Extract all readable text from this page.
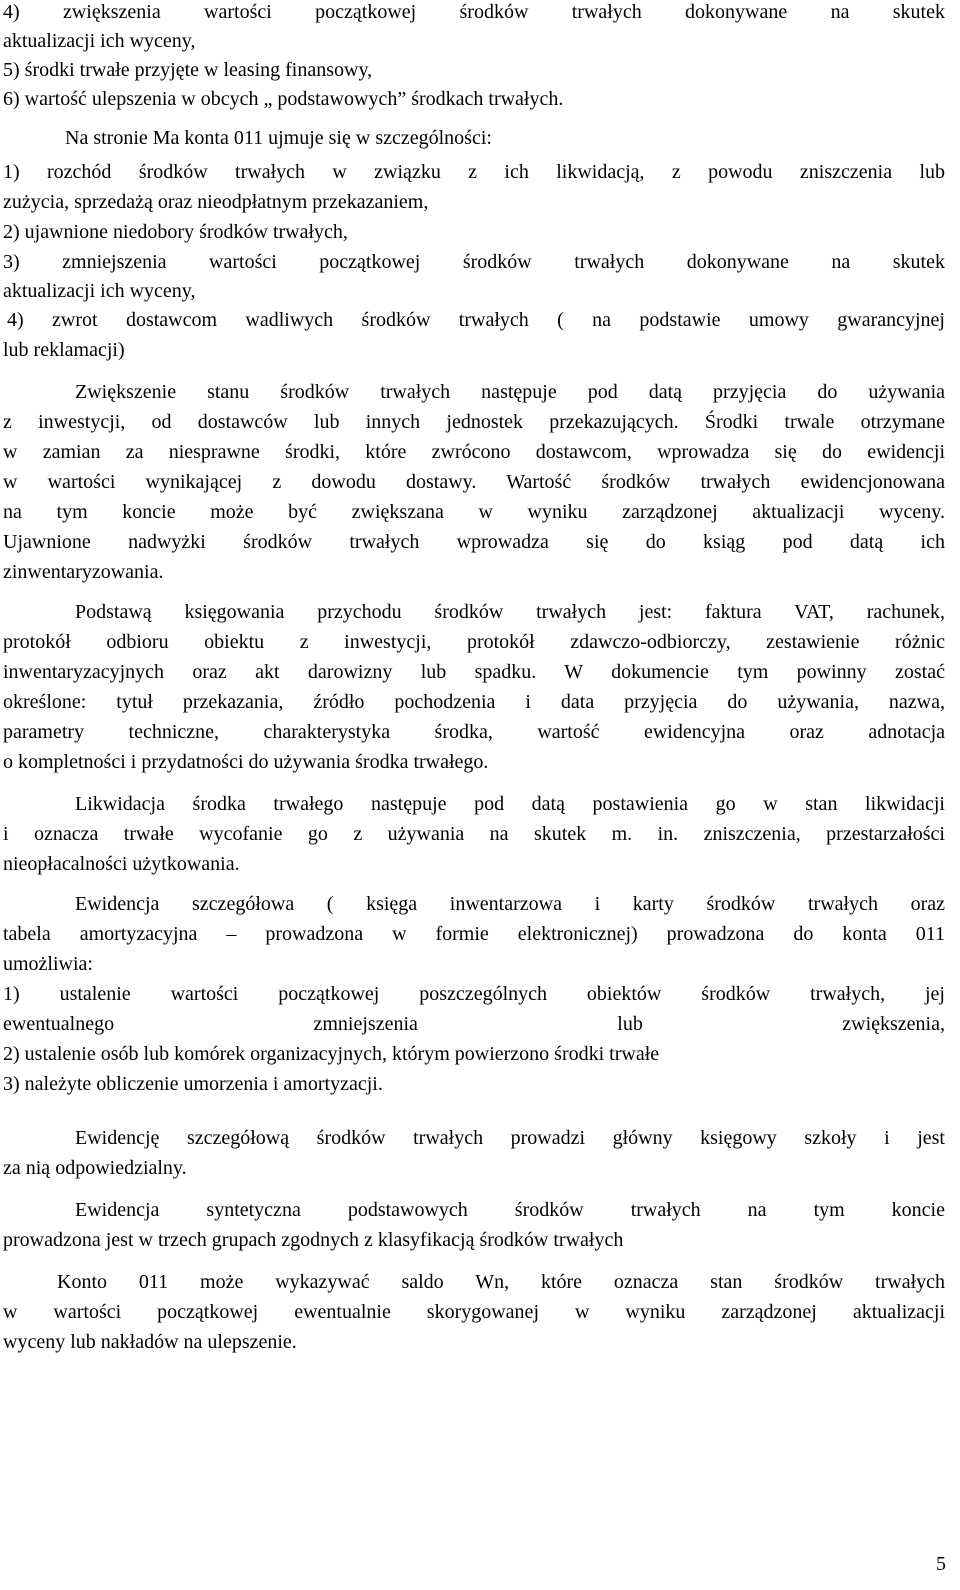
4) zwiększenia wartości początkowej środków trwałych dokonywane na skutek

aktualizacji ich wyceny,

5) środki trwałe przyjęte w leasing finansowy,

6) wartość ulepszenia w obcych „ podstawowych” środkach trwałych.

Na stronie Ma konta 011 ujmuje się w szczególności:

1) rozchód środków trwałych w związku z ich likwidacją, z powodu zniszczenia lub

zużycia, sprzedażą oraz nieodpłatnym przekazaniem,

2) ujawnione niedobory środków trwałych,

3) zmniejszenia wartości początkowej środków trwałych dokonywane na skutek

aktualizacji ich wyceny,

4) zwrot dostawcom wadliwych środków trwałych ( na podstawie umowy gwarancyjnej

lub reklamacji)

Zwiększenie stanu środków trwałych następuje pod datą przyjęcia do używania

z inwestycji, od dostawców lub innych jednostek przekazujących. Środki trwale otrzymane

w zamian za niesprawne środki, które zwrócono dostawcom, wprowadza się do ewidencji

w wartości wynikającej z dowodu dostawy. Wartość środków trwałych ewidencjonowana

na tym koncie może być zwiększana w wyniku zarządzonej aktualizacji wyceny.

Ujawnione nadwyżki środków trwałych wprowadza się do ksiąg pod datą ich

zinwentaryzowania.

Podstawą księgowania przychodu środków trwałych jest: faktura VAT, rachunek,

protokół odbioru obiektu z inwestycji, protokół zdawczo-odbiorczy, zestawienie różnic

inwentaryzacyjnych oraz akt darowizny lub spadku. W dokumencie tym powinny zostać

określone: tytuł przekazania, źródło pochodzenia i data przyjęcia do używania, nazwa,

parametry techniczne, charakterystyka środka, wartość ewidencyjna oraz adnotacja

o kompletności i przydatności do używania środka trwałego.

Likwidacja środka trwałego następuje pod datą postawienia go w stan likwidacji

i oznacza trwałe wycofanie go z używania na skutek m. in. zniszczenia, przestarzałości

nieopłacalności użytkowania.

Ewidencja szczegółowa ( księga inwentarzowa i karty środków trwałych oraz

tabela amortyzacyjna – prowadzona w formie elektronicznej) prowadzona do konta 011

umożliwia:

1) ustalenie wartości początkowej poszczególnych obiektów środków trwałych, jej

ewentualnego zmniejszenia lub zwiększenia,

2) ustalenie osób lub komórek organizacyjnych, którym powierzono środki trwałe

3) należyte obliczenie umorzenia i amortyzacji.

Ewidencję szczegółową środków trwałych prowadzi główny księgowy szkoły i jest

za nią odpowiedzialny.

Ewidencja syntetyczna podstawowych środków trwałych na tym koncie

prowadzona jest w trzech grupach zgodnych z klasyfikacją środków trwałych

Konto 011 może wykazywać saldo Wn, które oznacza stan środków trwałych

w wartości początkowej ewentualnie skorygowanej w wyniku zarządzonej aktualizacji

wyceny lub nakładów na ulepszenie.

5
